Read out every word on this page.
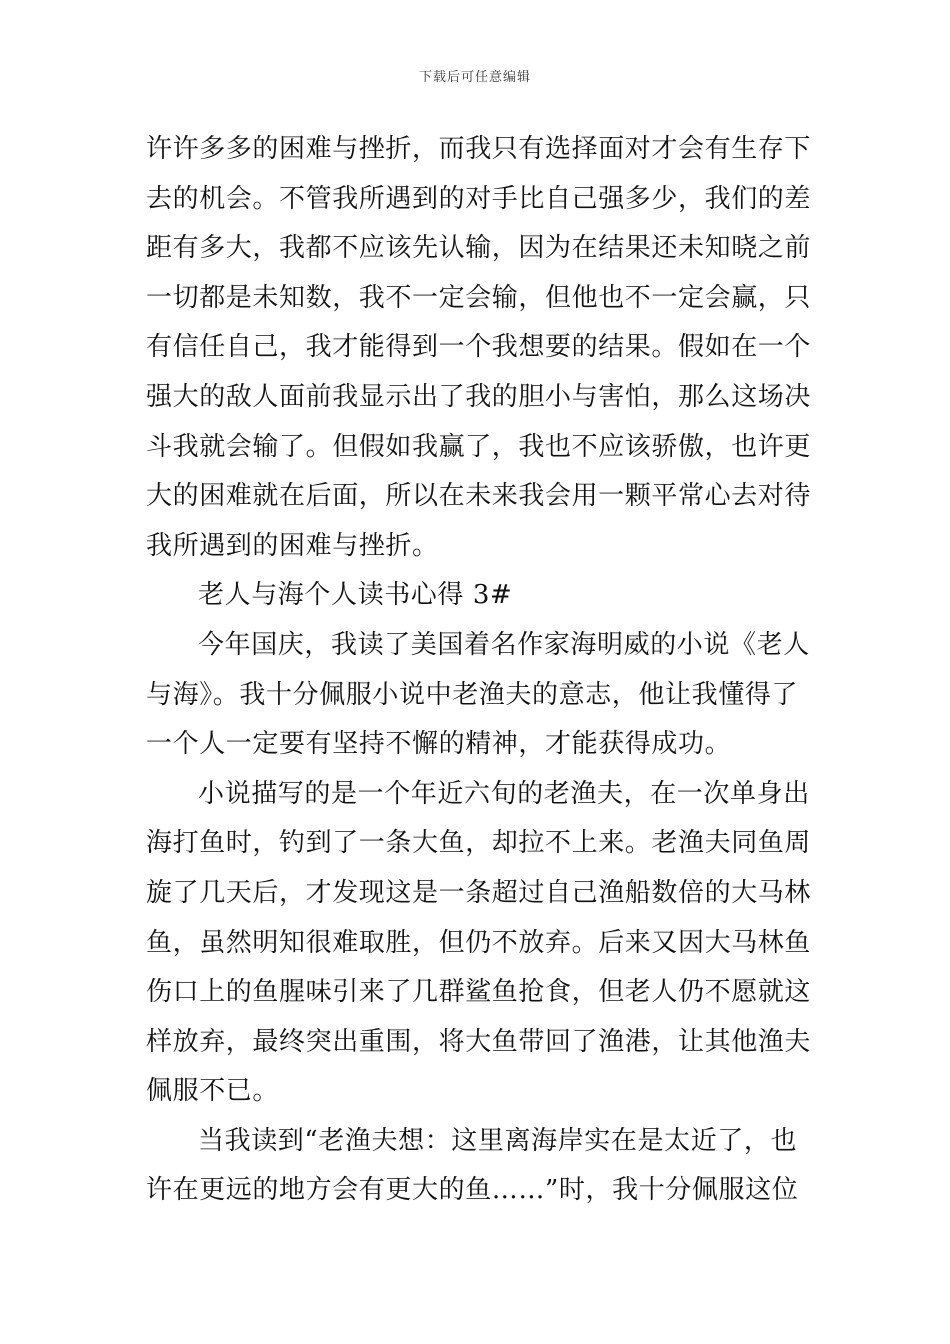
下载后可任意编辑
许许多多的困难与挫折，而我只有选择面对才会有生存下
去的机会。不管我所遇到的对手比自己强多少，我们的差
距有多大，我都不应该先认输，因为在结果还未知晓之前
一切都是未知数，我不一定会输，但他也不一定会赢，只
有信任自己，我才能得到一个我想要的结果。假如在一个
强大的敌人面前我显示出了我的胆小与害怕，那么这场决
斗我就会输了。但假如我赢了，我也不应该骄傲，也许更
大的困难就在后面，所以在未来我会用一颗平常心去对待
我所遇到的困难与挫折。
老人与海个人读书心得 3#
今年国庆，我读了美国着名作家海明威的小说《老人
与海》。我十分佩服小说中老渔夫的意志，他让我懂得了
一个人一定要有坚持不懈的精神，才能获得成功。
小说描写的是一个年近六旬的老渔夫，在一次单身出
海打鱼时，钓到了一条大鱼，却拉不上来。老渔夫同鱼周
旋了几天后，才发现这是一条超过自己渔船数倍的大马林
鱼，虽然明知很难取胜，但仍不放弃。后来又因大马林鱼
伤口上的鱼腥味引来了几群鲨鱼抢食，但老人仍不愿就这
样放弃，最终突出重围，将大鱼带回了渔港，让其他渔夫
佩服不已。
当我读到“老渔夫想：这里离海岸实在是太近了，也
许在更远的地方会有更大的鱼……”时，我十分佩服这位
